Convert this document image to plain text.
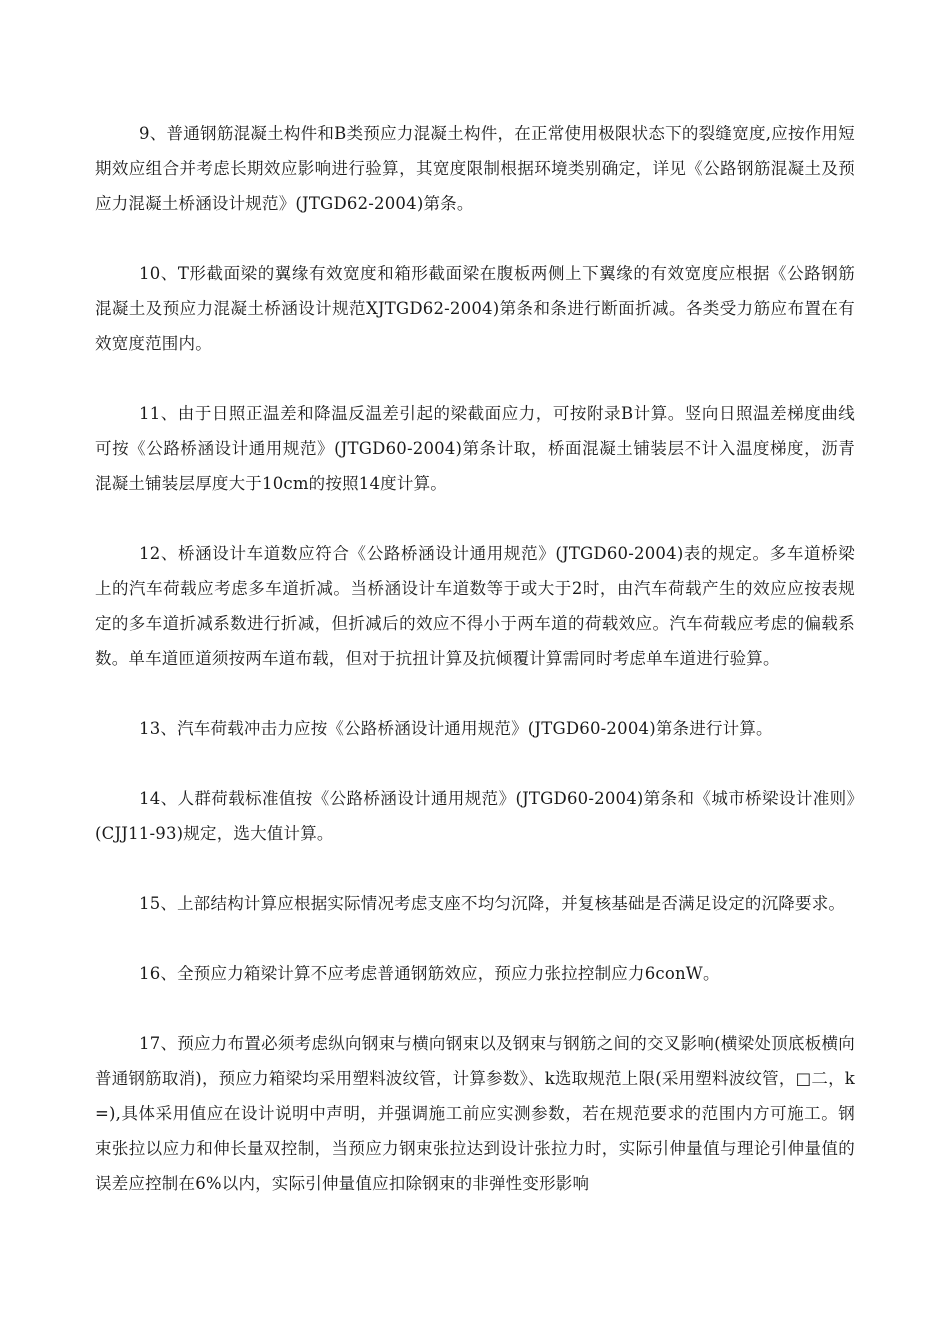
9、普通钢筋混凝土构件和B类预应力混凝土构件，在正常使用极限状态下的裂缝宽度,应按作用短期效应组合并考虑长期效应影响进行验算，其宽度限制根据环境类别确定，详见《公路钢筋混凝土及预应力混凝土桥涵设计规范》(JTGD62-2004)第条。

10、T形截面梁的翼缘有效宽度和箱形截面梁在腹板两侧上下翼缘的有效宽度应根据《公路钢筋混凝土及预应力混凝土桥涵设计规范XJTGD62-2004)第条和条进行断面折减。各类受力筋应布置在有效宽度范围内。

11、由于日照正温差和降温反温差引起的梁截面应力，可按附录B计算。竖向日照温差梯度曲线可按《公路桥涵设计通用规范》(JTGD60-2004)第条计取，桥面混凝土铺装层不计入温度梯度，沥青混凝土铺装层厚度大于10cm的按照14度计算。

12、桥涵设计车道数应符合《公路桥涵设计通用规范》(JTGD60-2004)表的规定。多车道桥梁上的汽车荷载应考虑多车道折减。当桥涵设计车道数等于或大于2时，由汽车荷载产生的效应应按表规定的多车道折减系数进行折减，但折减后的效应不得小于两车道的荷载效应。汽车荷载应考虑的偏载系数。单车道匝道须按两车道布载，但对于抗扭计算及抗倾覆计算需同时考虑单车道进行验算。

13、汽车荷载冲击力应按《公路桥涵设计通用规范》(JTGD60-2004)第条进行计算。

14、人群荷载标准值按《公路桥涵设计通用规范》(JTGD60-2004)第条和《城市桥梁设计准则》(CJJ11-93)规定，选大值计算。

15、上部结构计算应根据实际情况考虑支座不均匀沉降，并复核基础是否满足设定的沉降要求。

16、全预应力箱梁计算不应考虑普通钢筋效应，预应力张拉控制应力6conW。

17、预应力布置必须考虑纵向钢束与横向钢束以及钢束与钢筋之间的交叉影响(横梁处顶底板横向普通钢筋取消)，预应力箱梁均采用塑料波纹管，计算参数》、k选取规范上限(采用塑料波纹管，□二，k=),具体采用值应在设计说明中声明，并强调施工前应实测参数，若在规范要求的范围内方可施工。钢束张拉以应力和伸长量双控制，当预应力钢束张拉达到设计张拉力时，实际引伸量值与理论引伸量值的误差应控制在6%以内，实际引伸量值应扣除钢束的非弹性变形影响
